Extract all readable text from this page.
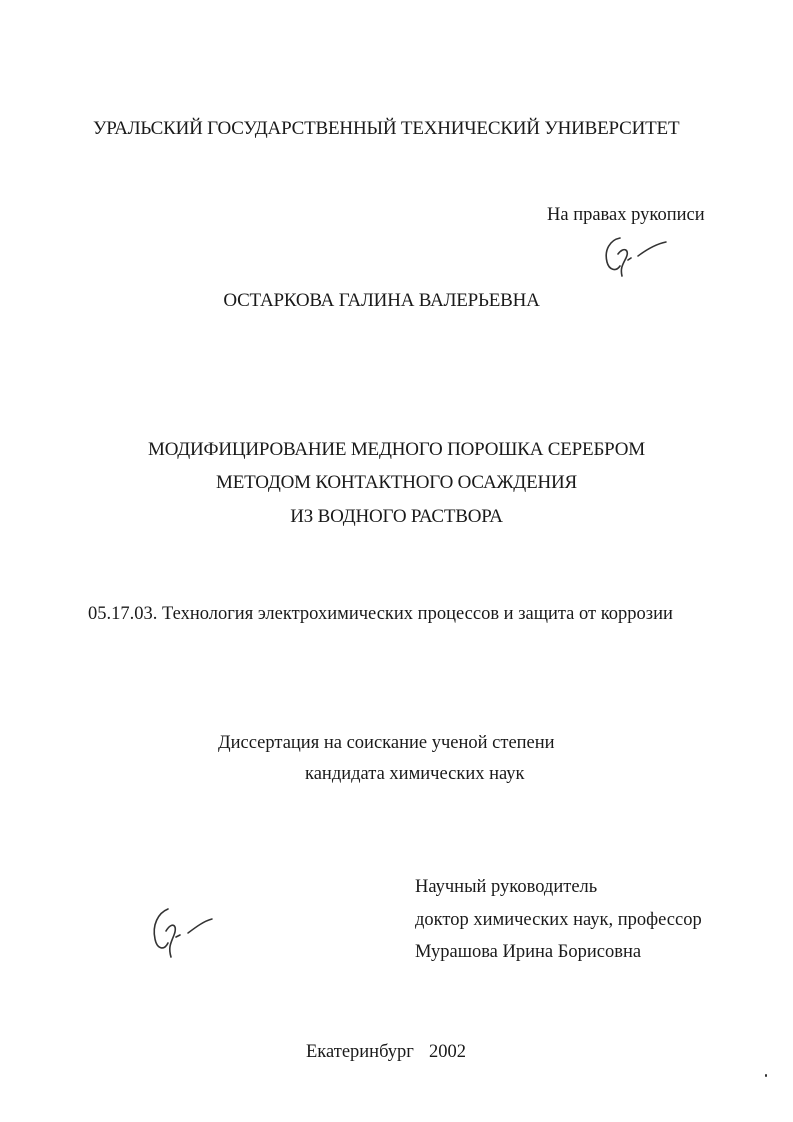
УРАЛЬСКИЙ ГОСУДАРСТВЕННЫЙ ТЕХНИЧЕСКИЙ УНИВЕРСИТЕТ
На правах рукописи
ОСТАРКОВА ГАЛИНА ВАЛЕРЬЕВНА
МОДИФИЦИРОВАНИЕ МЕДНОГО ПОРОШКА СЕРЕБРОМ
МЕТОДОМ КОНТАКТНОГО ОСАЖДЕНИЯ
ИЗ ВОДНОГО РАСТВОРА
05.17.03. Технология электрохимических процессов и защита от коррозии
Диссертация на соискание ученой степени
кандидата химических наук
Научный руководитель
доктор химических наук, профессор
Мурашова Ирина Борисовна
Екатеринбург 2002
